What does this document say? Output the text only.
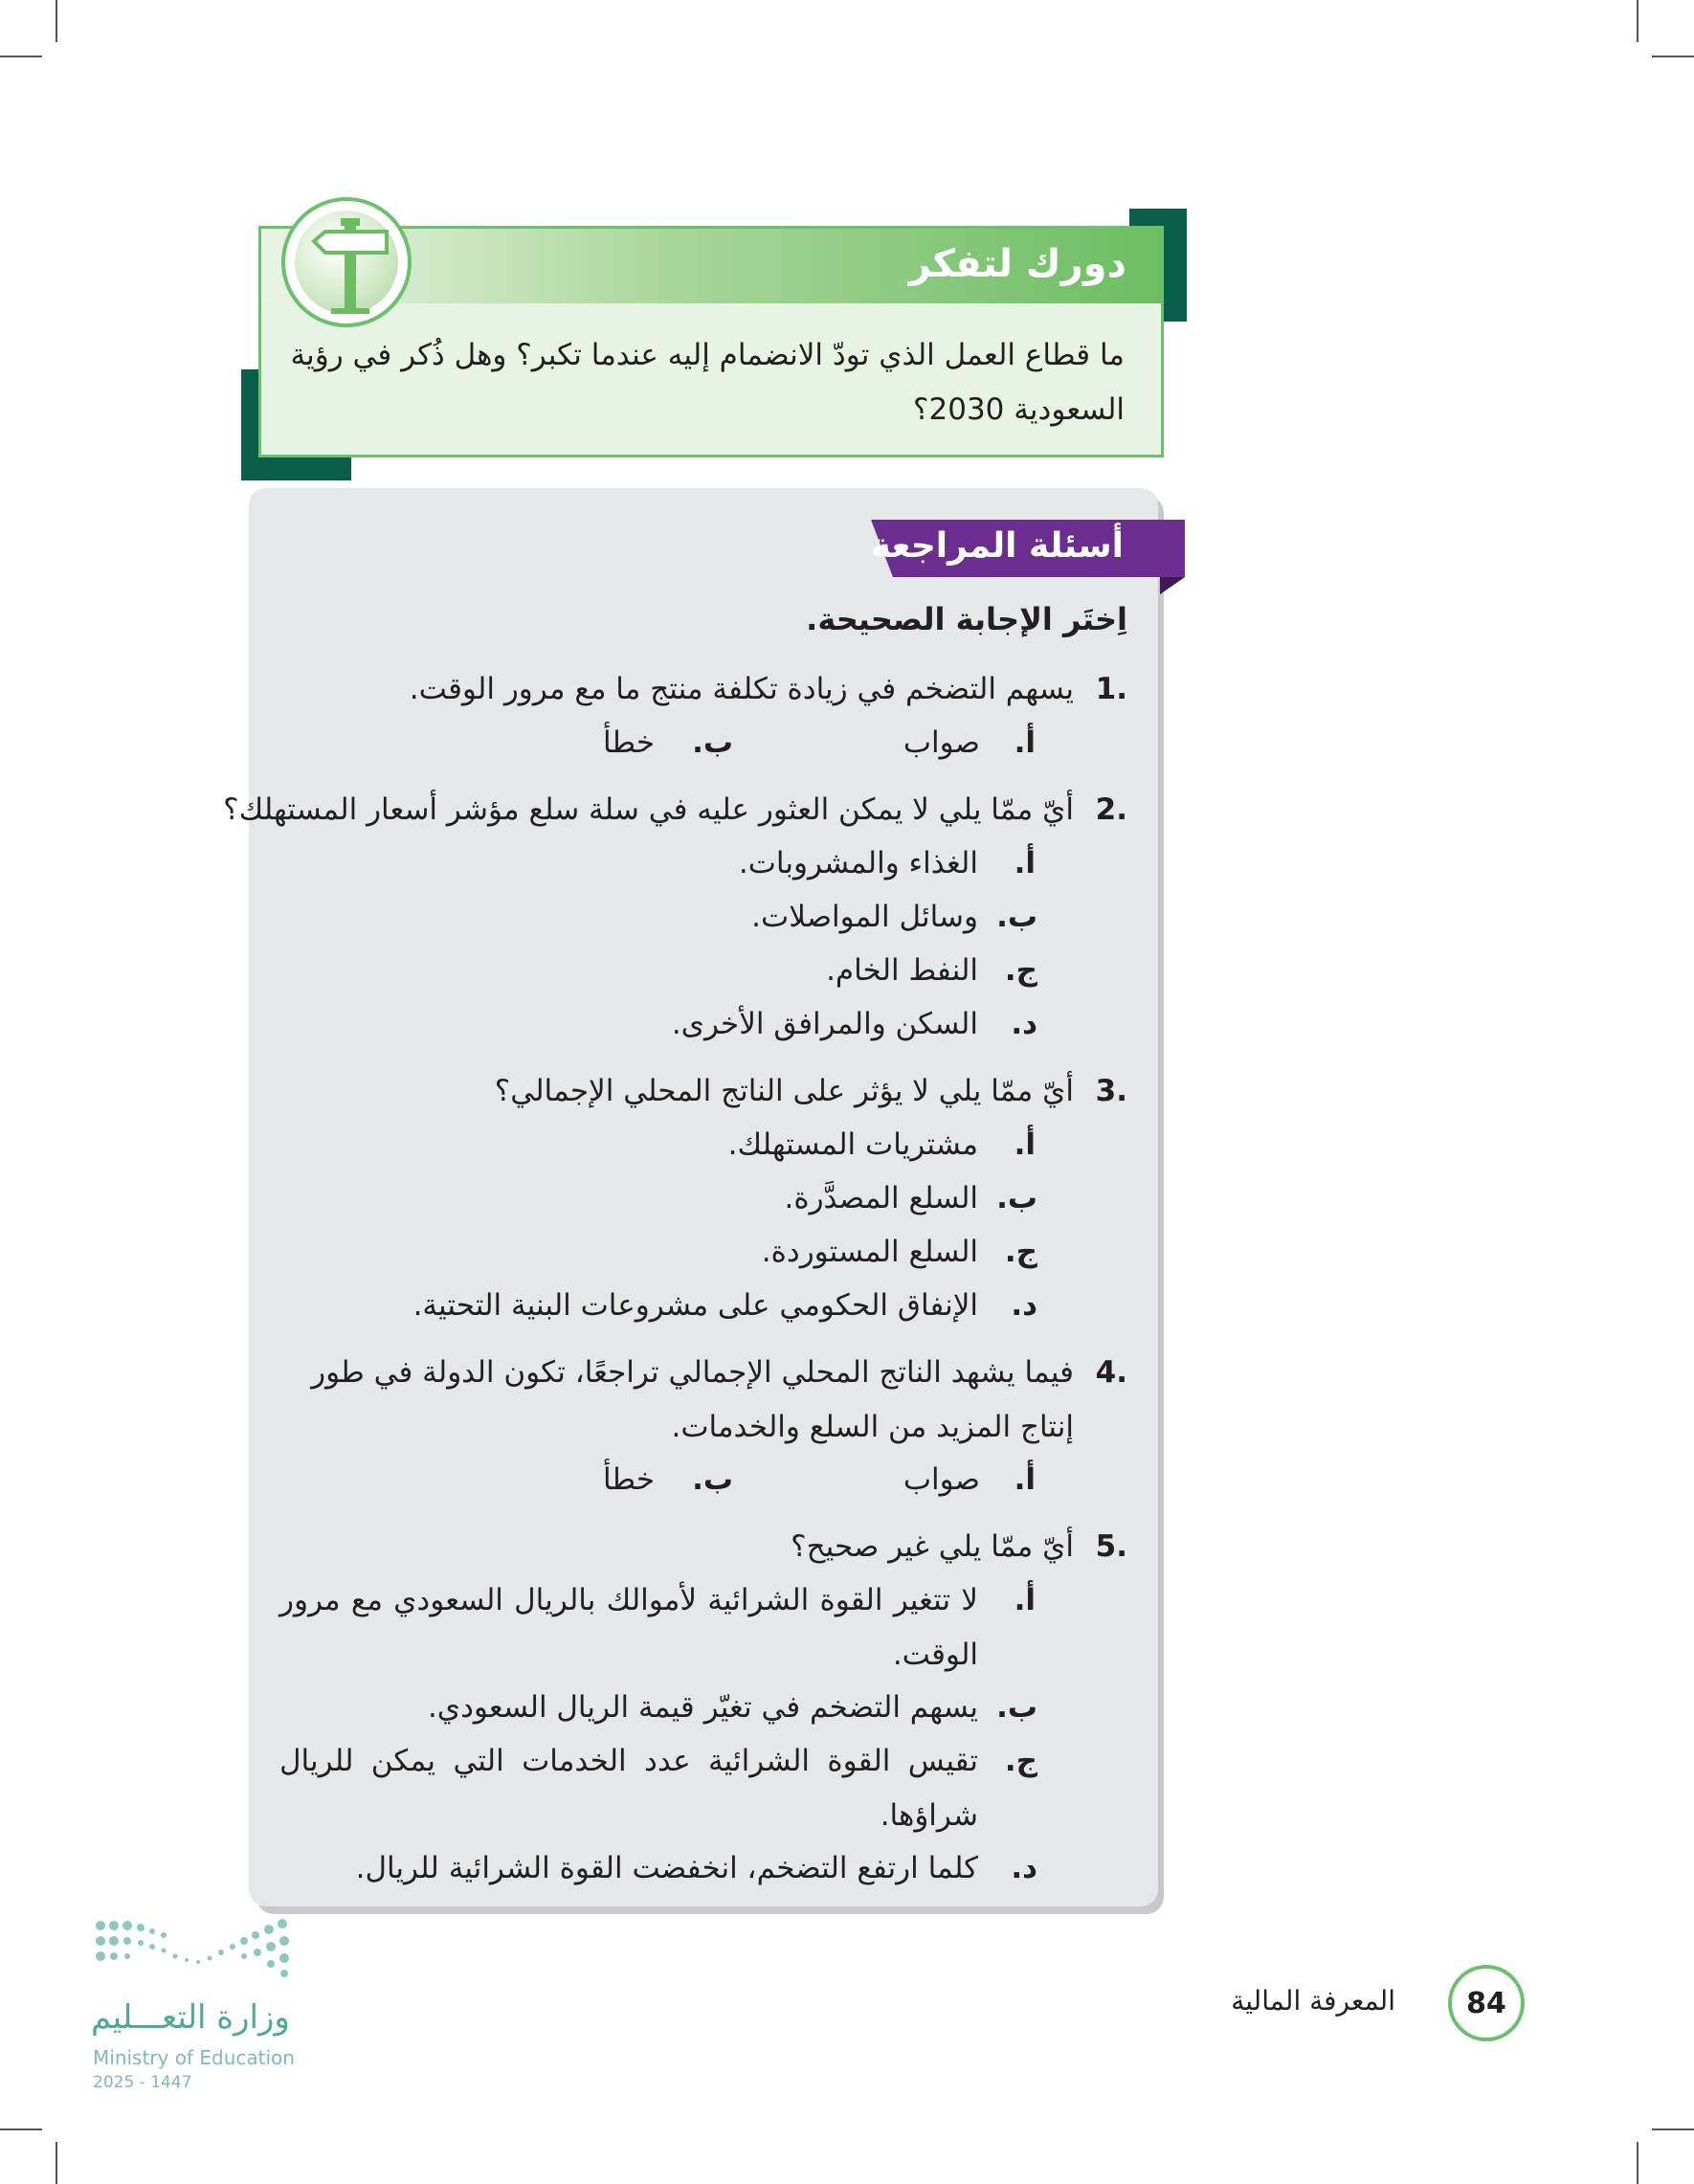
دورك لتفكر
ما قطاع العمل الذي تودّ الانضمام إليه عندما تكبر؟ وهل ذُكر في رؤية السعودية 2030؟
أسئلة المراجعة
اِختَر الإجابة الصحيحة.
.1
يسهم التضخم في زيادة تكلفة منتج ما مع مرور الوقت.
أ.
صواب
ب.
خطأ
.2
أيّ ممّا يلي لا يمكن العثور عليه في سلة سلع مؤشر أسعار المستهلك؟
أ.
الغذاء والمشروبات.
ب.
وسائل المواصلات.
ج.
النفط الخام.
د.
السكن والمرافق الأخرى.
.3
أيّ ممّا يلي لا يؤثر على الناتج المحلي الإجمالي؟
أ.
مشتريات المستهلك.
ب.
السلع المصدَّرة.
ج.
السلع المستوردة.
د.
الإنفاق الحكومي على مشروعات البنية التحتية.
.4
فيما يشهد الناتج المحلي الإجمالي تراجعًا، تكون الدولة في طور إنتاج المزيد من السلع والخدمات.
أ.
صواب
ب.
خطأ
.5
أيّ ممّا يلي غير صحيح؟
أ.
لا تتغير القوة الشرائية لأموالك بالريال السعودي مع مرور الوقت.
ب.
يسهم التضخم في تغيّر قيمة الريال السعودي.
ج.
تقيس القوة الشرائية عدد الخدمات التي يمكن للريال شراؤها.
د.
كلما ارتفع التضخم، انخفضت القوة الشرائية للريال.
84
المعرفة المالية
وزارة التعـــليم
Ministry of Education
2025 - 1447
